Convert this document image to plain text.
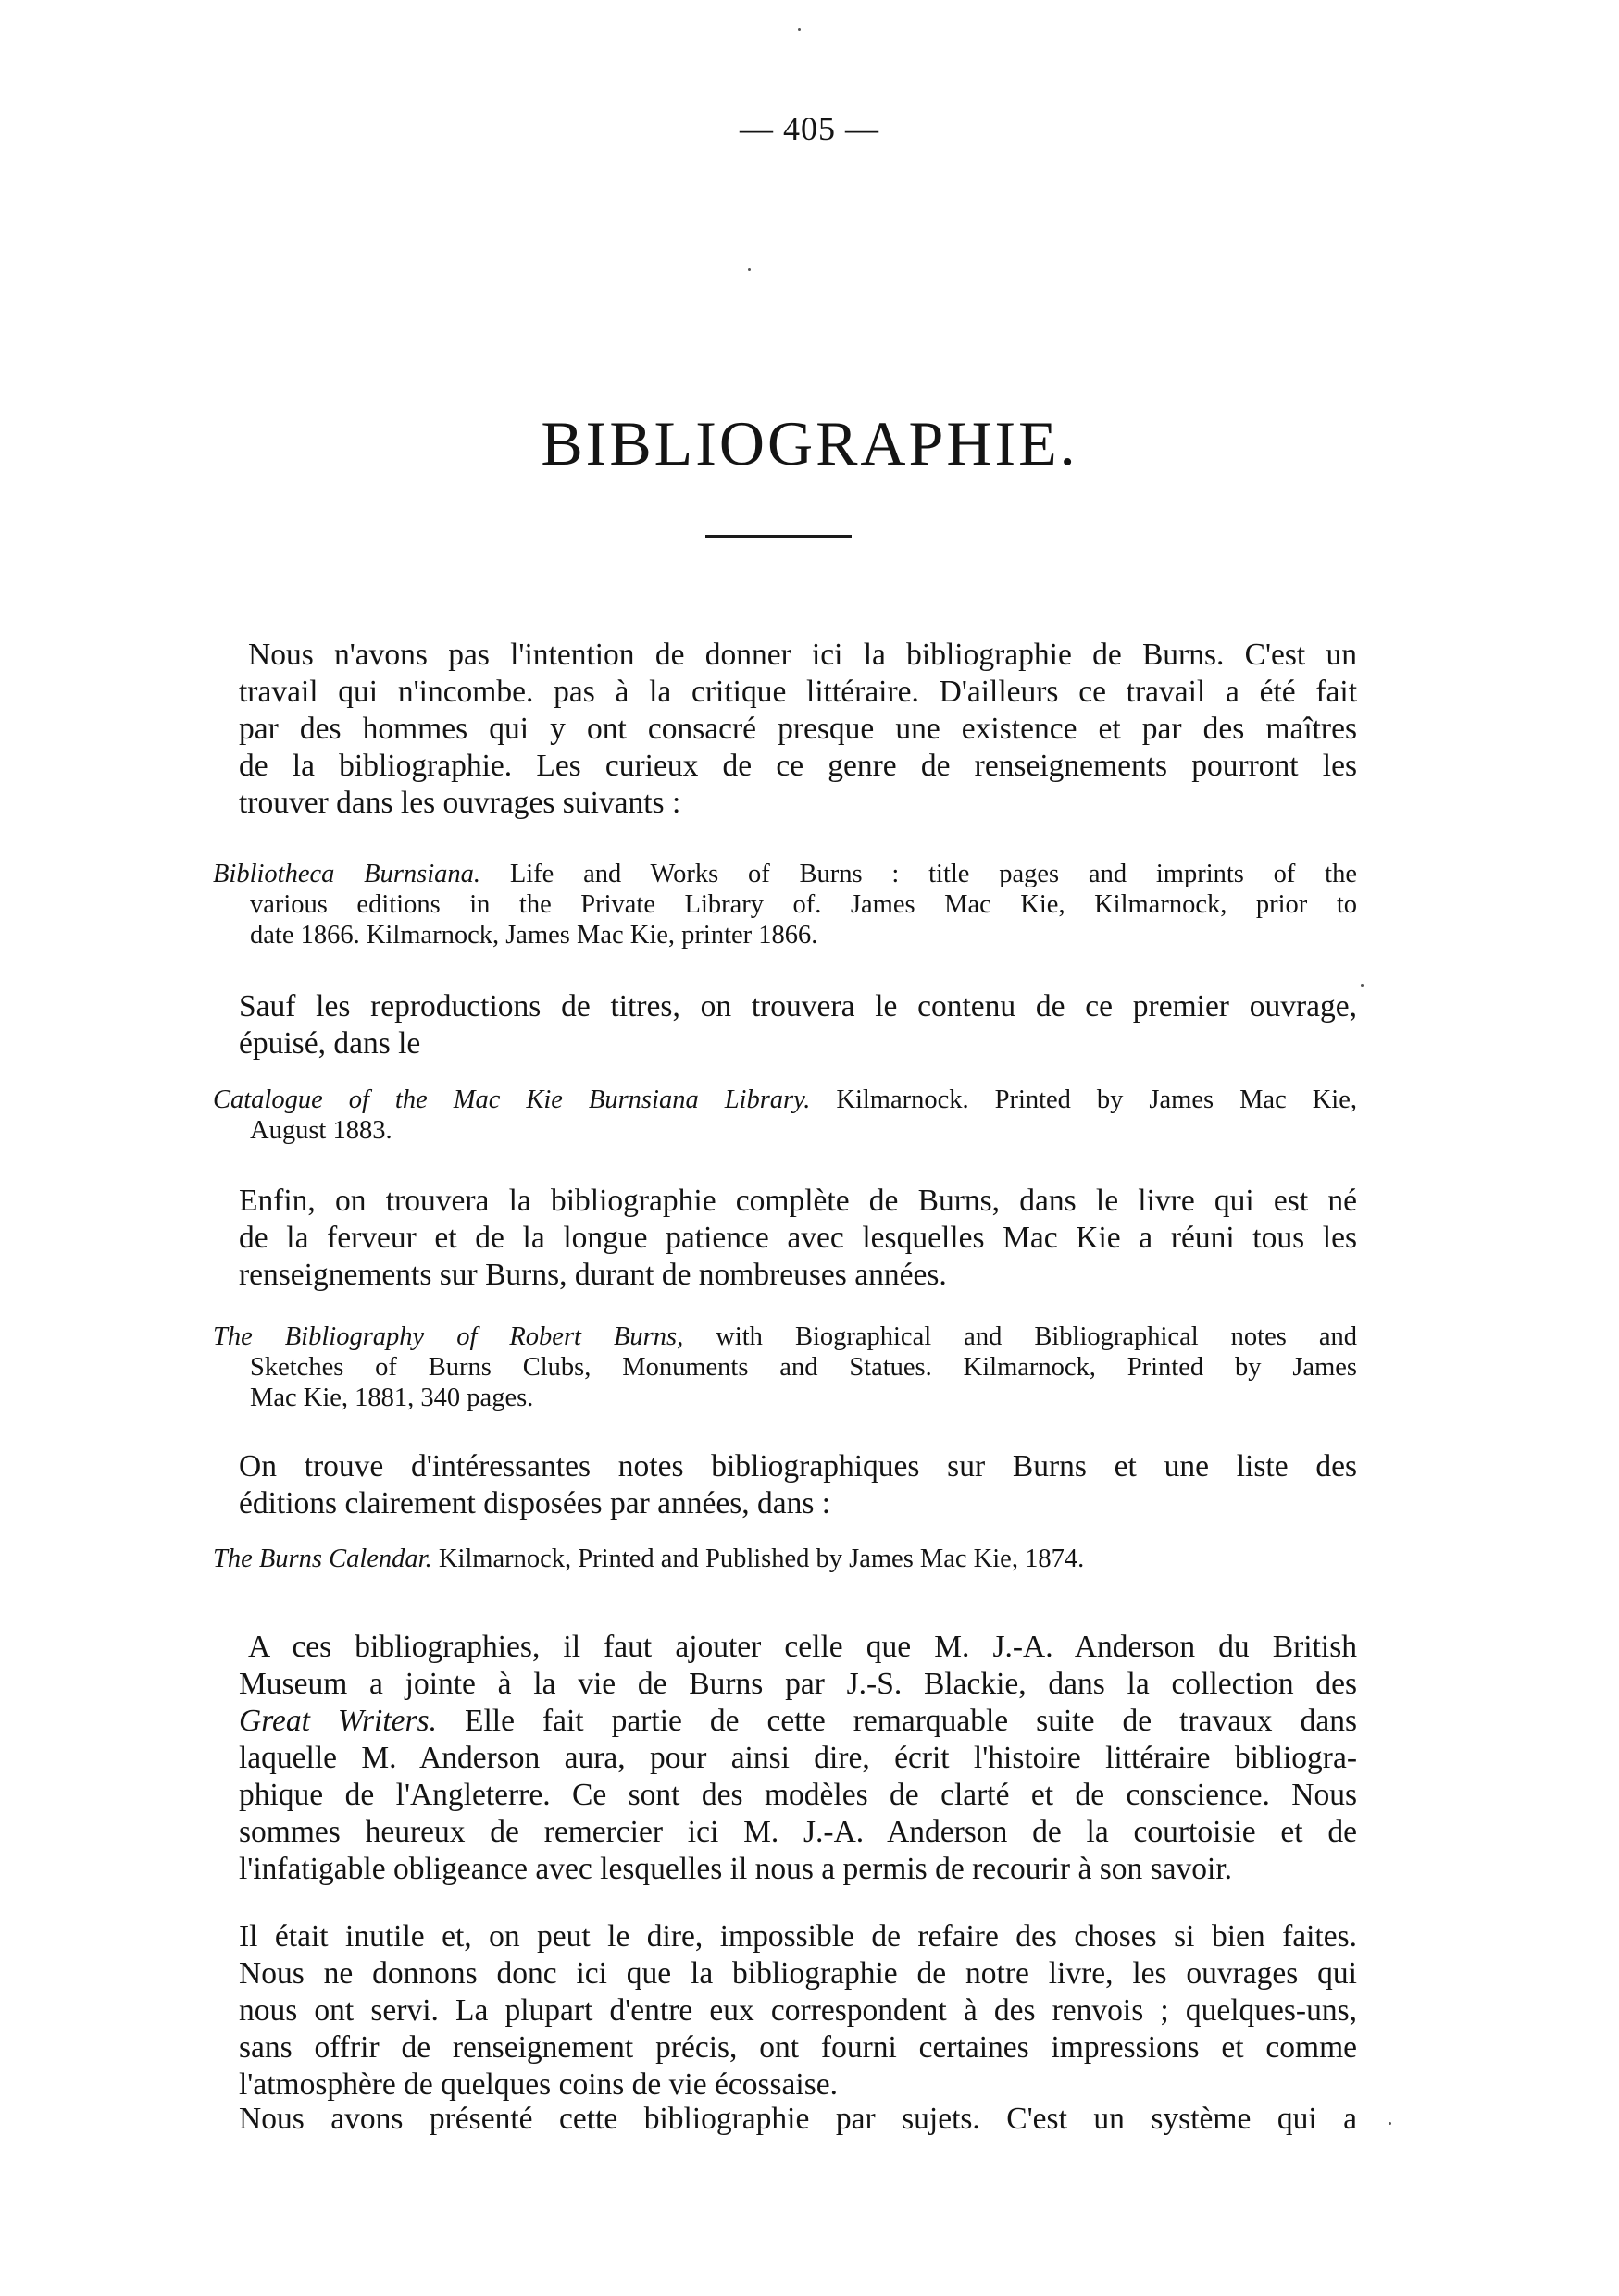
— 405 —
BIBLIOGRAPHIE.
Nous n'avons pas l'intention de donner ici la bibliographie de Burns. C'est un
travail qui n'incombe. pas à la critique littéraire. D'ailleurs ce travail a été fait
par des hommes qui y ont consacré presque une existence et par des maîtres
de la bibliographie. Les curieux de ce genre de renseignements pourront les
trouver dans les ouvrages suivants :
Bibliotheca Burnsiana. Life and Works of Burns : title pages and imprints of the
various editions in the Private Library of. James Mac Kie, Kilmarnock, prior to
date 1866. Kilmarnock, James Mac Kie, printer 1866.
Sauf les reproductions de titres, on trouvera le contenu de ce premier ouvrage,
épuisé, dans le
Catalogue of the Mac Kie Burnsiana Library. Kilmarnock. Printed by James Mac Kie,
August 1883.
Enfin, on trouvera la bibliographie complète de Burns, dans le livre qui est né
de la ferveur et de la longue patience avec lesquelles Mac Kie a réuni tous les
renseignements sur Burns, durant de nombreuses années.
The Bibliography of Robert Burns, with Biographical and Bibliographical notes and
Sketches of Burns Clubs, Monuments and Statues. Kilmarnock, Printed by James
Mac Kie, 1881, 340 pages.
On trouve d'intéressantes notes bibliographiques sur Burns et une liste des
éditions clairement disposées par années, dans :
The Burns Calendar. Kilmarnock, Printed and Published by James Mac Kie, 1874.
A ces bibliographies, il faut ajouter celle que M. J.-A. Anderson du British
Museum a jointe à la vie de Burns par J.-S. Blackie, dans la collection des
Great Writers. Elle fait partie de cette remarquable suite de travaux dans
laquelle M. Anderson aura, pour ainsi dire, écrit l'histoire littéraire bibliogra-
phique de l'Angleterre. Ce sont des modèles de clarté et de conscience. Nous
sommes heureux de remercier ici M. J.-A. Anderson de la courtoisie et de
l'infatigable obligeance avec lesquelles il nous a permis de recourir à son savoir.
Il était inutile et, on peut le dire, impossible de refaire des choses si bien faites.
Nous ne donnons donc ici que la bibliographie de notre livre, les ouvrages qui
nous ont servi. La plupart d'entre eux correspondent à des renvois ; quelques-uns,
sans offrir de renseignement précis, ont fourni certaines impressions et comme
l'atmosphère de quelques coins de vie écossaise.
Nous avons présenté cette bibliographie par sujets. C'est un système qui a
